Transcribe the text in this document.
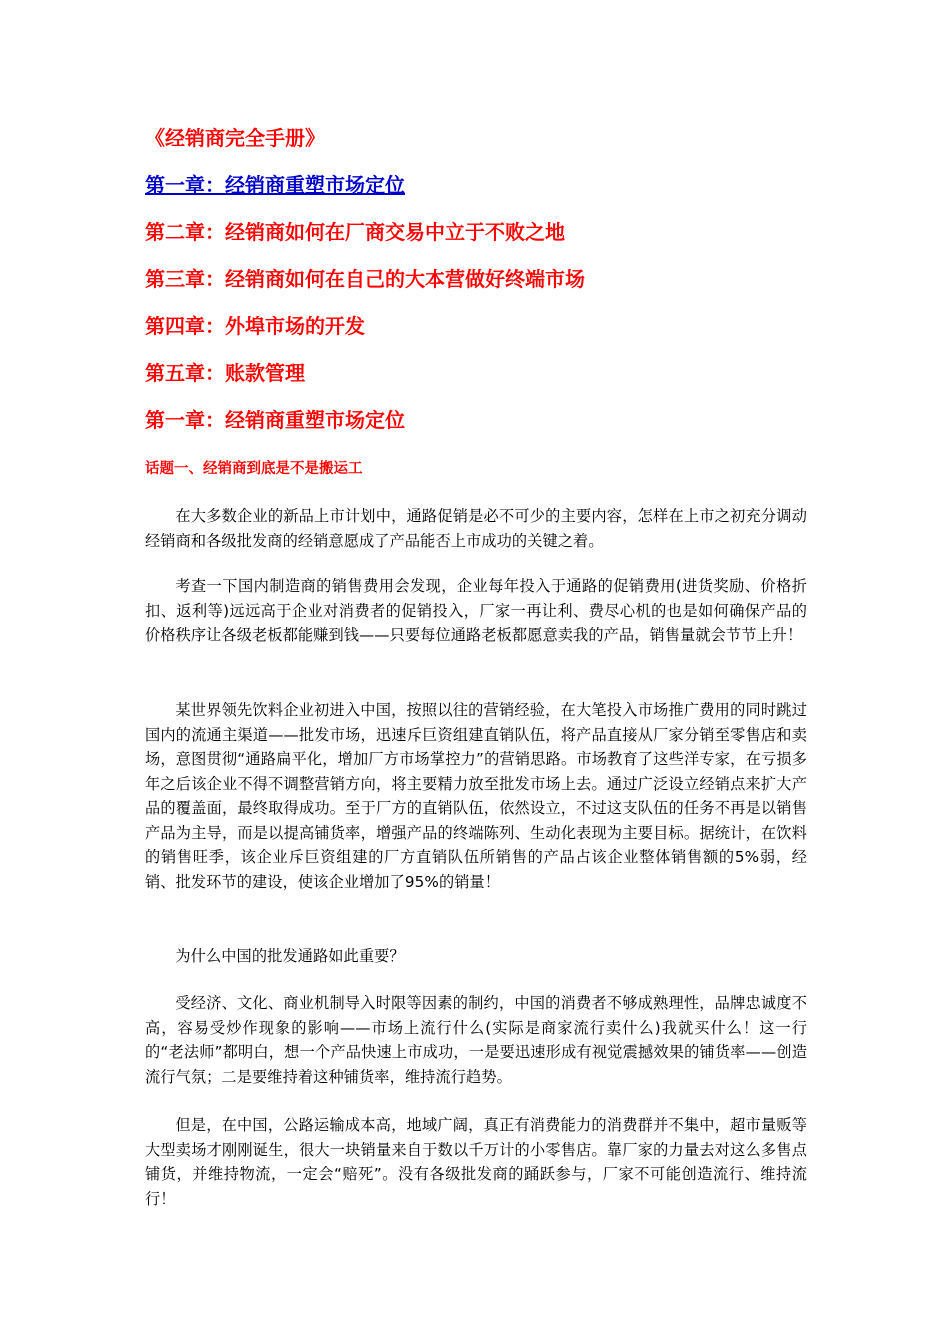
《经销商完全手册》
第一章：经销商重塑市场定位
第二章：经销商如何在厂商交易中立于不败之地
第三章：经销商如何在自己的大本营做好终端市场
第四章：外埠市场的开发
第五章：账款管理
第一章：经销商重塑市场定位
话题一、经销商到底是不是搬运工

在大多数企业的新品上市计划中，通路促销是必不可少的主要内容，怎样在上市之初充分调动经销商和各级批发商的经销意愿成了产品能否上市成功的关键之着。

考查一下国内制造商的销售费用会发现，企业每年投入于通路的促销费用(进货奖励、价格折扣、返利等)远远高于企业对消费者的促销投入，厂家一再让利、费尽心机的也是如何确保产品的价格秩序让各级老板都能赚到钱——只要每位通路老板都愿意卖我的产品，销售量就会节节上升！

某世界领先饮料企业初进入中国，按照以往的营销经验，在大笔投入市场推广费用的同时跳过国内的流通主渠道——批发市场，迅速斥巨资组建直销队伍，将产品直接从厂家分销至零售店和卖场，意图贯彻“通路扁平化，增加厂方市场掌控力”的营销思路。市场教育了这些洋专家，在亏损多年之后该企业不得不调整营销方向，将主要精力放至批发市场上去。通过广泛设立经销点来扩大产品的覆盖面，最终取得成功。至于厂方的直销队伍，依然设立，不过这支队伍的任务不再是以销售产品为主导，而是以提高铺货率，增强产品的终端陈列、生动化表现为主要目标。据统计，在饮料的销售旺季，该企业斥巨资组建的厂方直销队伍所销售的产品占该企业整体销售额的5%弱，经销、批发环节的建设，使该企业增加了95%的销量！

为什么中国的批发通路如此重要？

受经济、文化、商业机制导入时限等因素的制约，中国的消费者不够成熟理性，品牌忠诚度不高，容易受炒作现象的影响——市场上流行什么(实际是商家流行卖什么)我就买什么！这一行的“老法师”都明白，想一个产品快速上市成功，一是要迅速形成有视觉震撼效果的铺货率——创造流行气氛；二是要维持着这种铺货率，维持流行趋势。

但是，在中国，公路运输成本高，地域广阔，真正有消费能力的消费群并不集中，超市量贩等大型卖场才刚刚诞生，很大一块销量来自于数以千万计的小零售店。靠厂家的力量去对这么多售点铺货，并维持物流，一定会“赔死”。没有各级批发商的踊跃参与，厂家不可能创造流行、维持流行！
